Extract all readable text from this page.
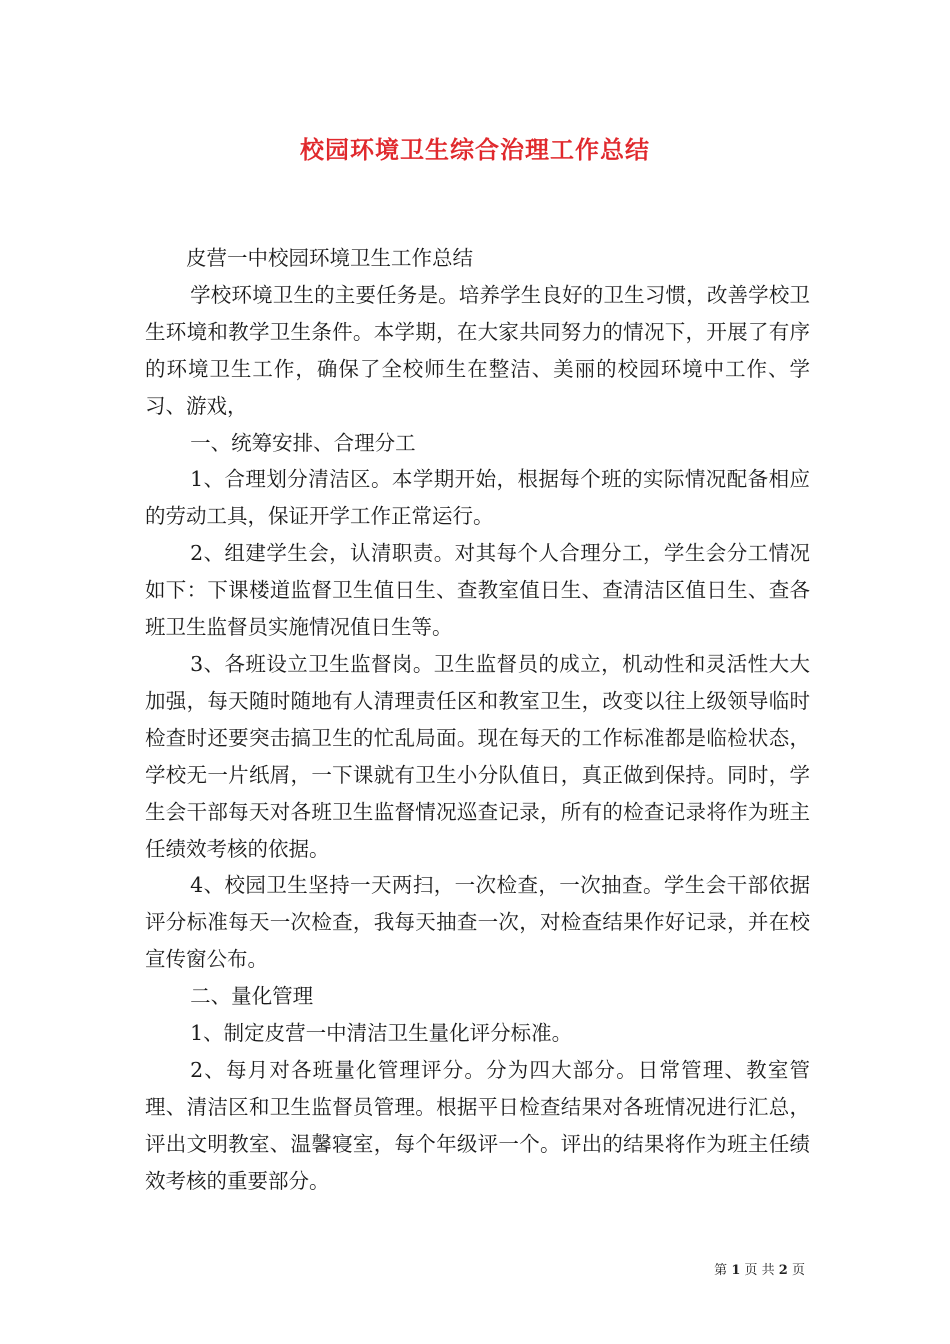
校园环境卫生综合治理工作总结

皮营一中校园环境卫生工作总结

学校环境卫生的主要任务是。培养学生良好的卫生习惯，改善学校卫生环境和教学卫生条件。本学期，在大家共同努力的情况下，开展了有序的环境卫生工作，确保了全校师生在整洁、美丽的校园环境中工作、学习、游戏，

一、统筹安排、合理分工

1、合理划分清洁区。本学期开始，根据每个班的实际情况配备相应的劳动工具，保证开学工作正常运行。

2、组建学生会，认清职责。对其每个人合理分工，学生会分工情况如下：下课楼道监督卫生值日生、查教室值日生、查清洁区值日生、查各班卫生监督员实施情况值日生等。

3、各班设立卫生监督岗。卫生监督员的成立，机动性和灵活性大大加强，每天随时随地有人清理责任区和教室卫生，改变以往上级领导临时检查时还要突击搞卫生的忙乱局面。现在每天的工作标准都是临检状态，学校无一片纸屑，一下课就有卫生小分队值日，真正做到保持。同时，学生会干部每天对各班卫生监督情况巡查记录，所有的检查记录将作为班主任绩效考核的依据。

4、校园卫生坚持一天两扫，一次检查，一次抽查。学生会干部依据评分标准每天一次检查，我每天抽查一次，对检查结果作好记录，并在校宣传窗公布。

二、量化管理

1、制定皮营一中清洁卫生量化评分标准。

2、每月对各班量化管理评分。分为四大部分。日常管理、教室管理、清洁区和卫生监督员管理。根据平日检查结果对各班情况进行汇总，评出文明教室、温馨寝室，每个年级评一个。评出的结果将作为班主任绩效考核的重要部分。

第 1 页 共 2 页
